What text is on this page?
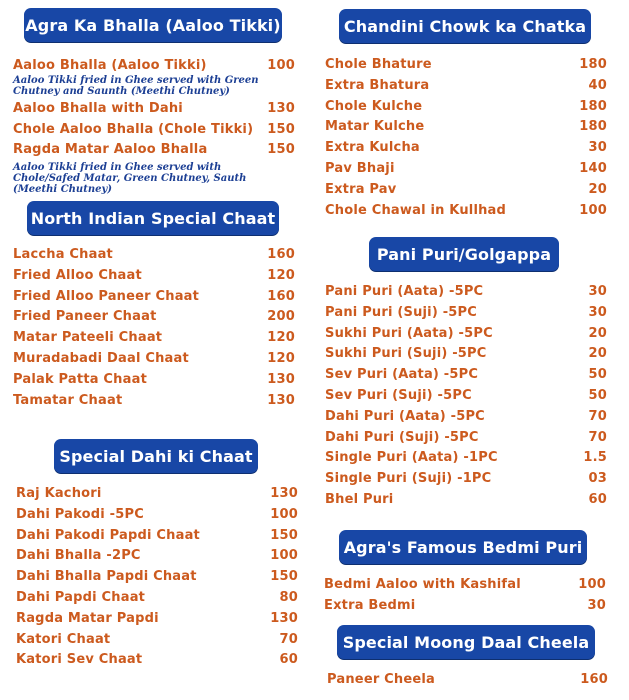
Agra Ka Bhalla (Aaloo Tikki)
Aaloo Bhalla (Aaloo Tikki)	100
Aaloo Tikki fried in Ghee served with Green Chutney and Saunth (Meethi Chutney)
Aaloo Bhalla with Dahi	130
Chole Aaloo Bhalla (Chole Tikki) 150
Ragda Matar Aaloo Bhalla	150
Aaloo Tikki fried in Ghee served with Chole/Safed Matar, Green Chutney, Sauth (Meethi Chutney)
North Indian Special Chaat
Laccha Chaat	160
Fried Alloo Chaat	120
Fried Alloo Paneer Chaat	160
Fried Paneer Chaat	200
Matar Pateeli Chaat	120
Muradabadi Daal Chaat	120
Palak Patta Chaat	130
Tamatar Chaat	130
Special Dahi ki Chaat
Raj Kachori	130
Dahi Pakodi -5PC	100
Dahi Pakodi Papdi Chaat	150
Dahi Bhalla -2PC	100
Dahi Bhalla Papdi Chaat	150
Dahi Papdi Chaat	80
Ragda Matar Papdi	130
Katori Chaat	70
Katori Sev Chaat	60
Chandini Chowk ka Chatka
Chole Bhature	180
Extra Bhatura	40
Chole Kulche	180
Matar Kulche	180
Extra Kulcha	30
Pav Bhaji	140
Extra Pav	20
Chole Chawal in Kullhad	100
Pani Puri/Golgappa
Pani Puri (Aata) -5PC	30
Pani Puri (Suji) -5PC	30
Sukhi Puri (Aata) -5PC	20
Sukhi Puri (Suji) -5PC	20
Sev Puri (Aata) -5PC	50
Sev Puri (Suji) -5PC	50
Dahi Puri (Aata) -5PC	70
Dahi Puri (Suji) -5PC	70
Single Puri (Aata) -1PC	1.5
Single Puri (Suji) -1PC	03
Bhel Puri	60
Agra's Famous Bedmi Puri
Bedmi Aaloo with Kashifal	100
Extra Bedmi	30
Special Moong Daal Cheela
Paneer Cheela	160
